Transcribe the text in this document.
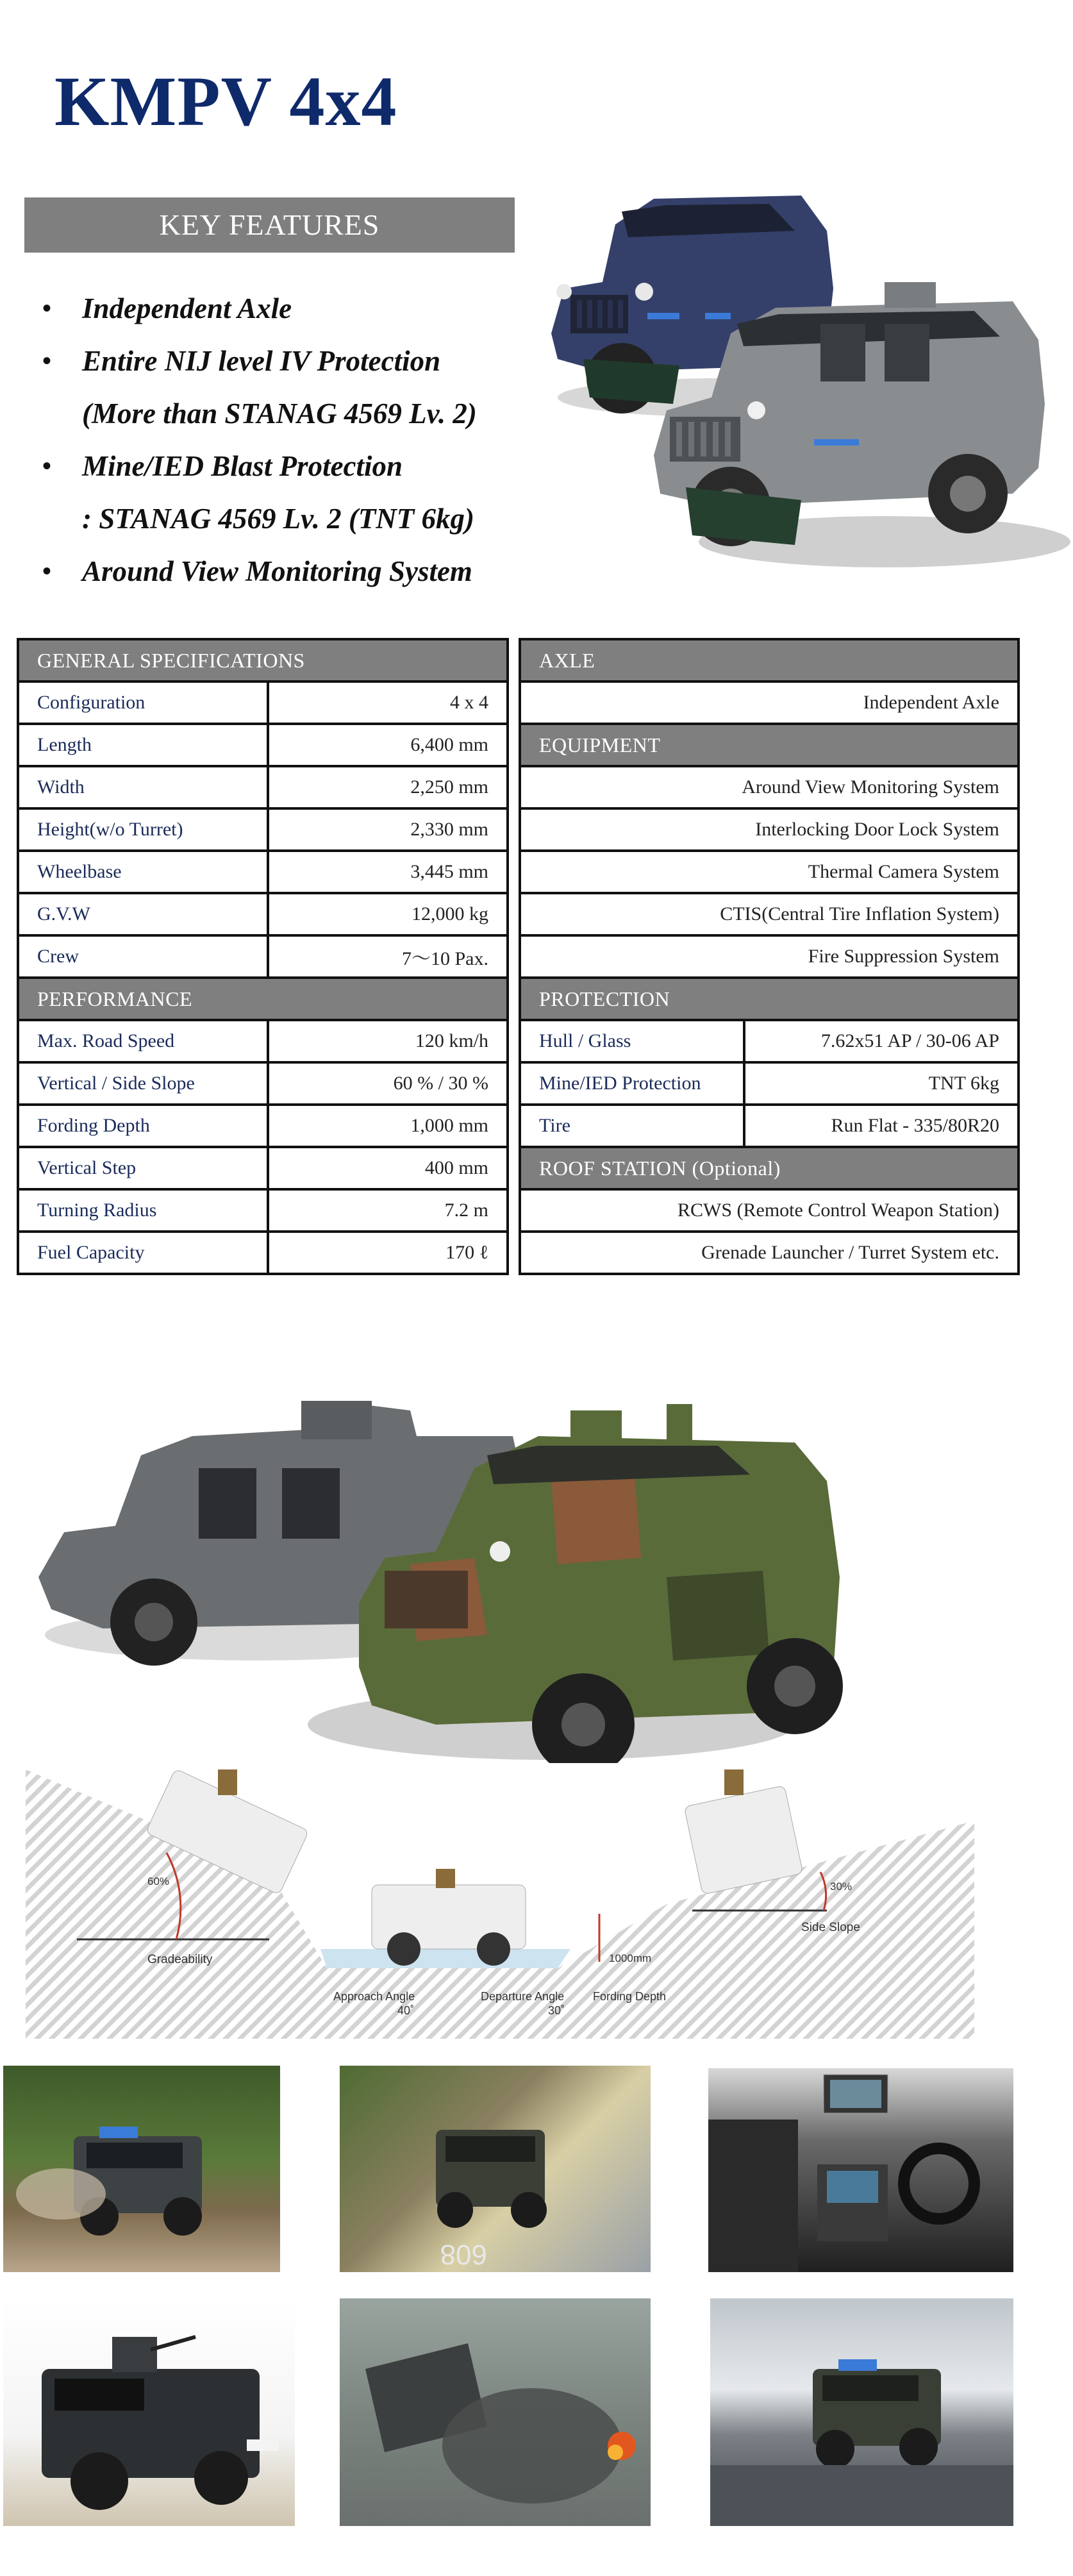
KMPV 4x4
KEY FEATURES
• Independent Axle
• Entire NIJ level IV Protection
(More than STANAG 4569 Lv. 2)
• Mine/IED Blast Protection
: STANAG 4569 Lv. 2 (TNT 6kg)
• Around View Monitoring System
GENERAL SPECIFICATIONS	
Configuration	4 x 4
Length	6,400 mm
Width	2,250 mm
Height(w/o Turret)	2,330 mm
Wheelbase	3,445 mm
G.V.W	12,000 kg
Crew	7～10 Pax.
PERFORMANCE	
Max. Road Speed	120 km/h
Vertical / Side Slope	60 % / 30 %
Fording Depth	1,000 mm
Vertical Step	400 mm
Turning Radius	7.2 m
Fuel Capacity	170 ℓ
AXLE	
Independent Axle	
EQUIPMENT	
Around View Monitoring System	
Interlocking Door Lock System	
Thermal Camera System	
CTIS(Central Tire Inflation System)	
Fire Suppression System	
PROTECTION	
Hull / Glass	7.62x51 AP / 30-06 AP
Mine/IED Protection	TNT 6kg
Tire	Run Flat - 335/80R20
ROOF STATION (Optional)	
RCWS (Remote Control Weapon Station)	
Grenade Launcher / Turret System etc.	
60%
Gradeability
Approach Angle
40˚
Departure Angle
30˚
1000mm
Fording Depth
30%
Side Slope
608
